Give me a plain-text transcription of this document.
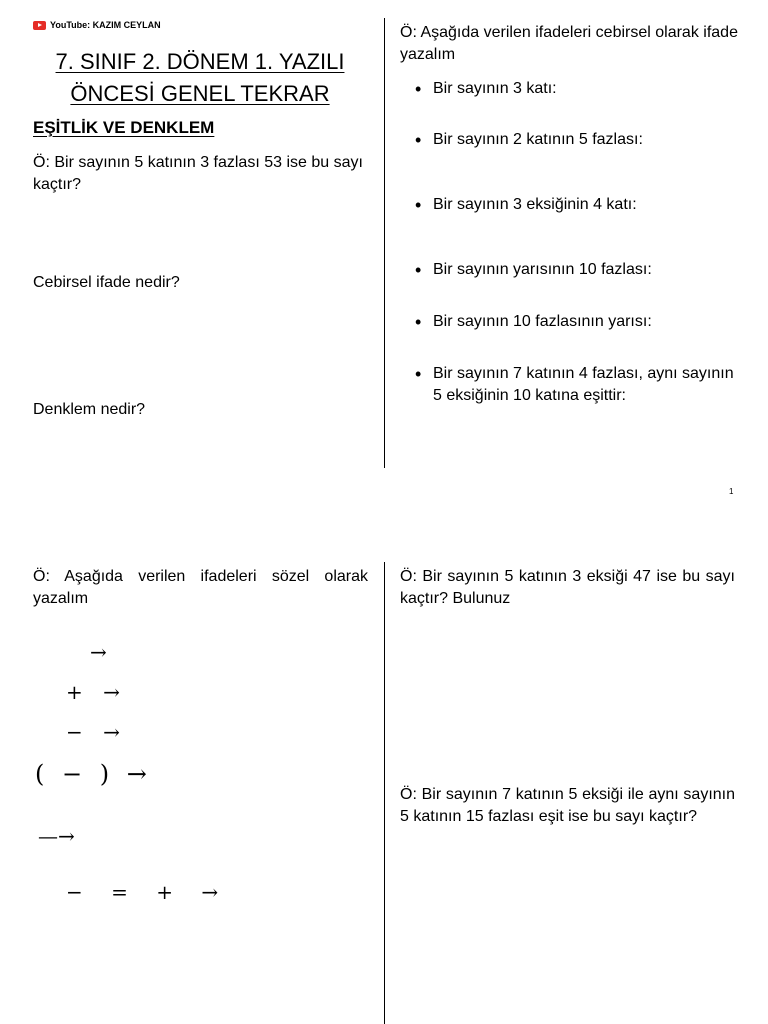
YouTube: KAZIM CEYLAN
7. SINIF 2. DÖNEM 1. YAZILI
ÖNCESİ GENEL TEKRAR
EŞİTLİK VE DENKLEM
Ö: Bir sayının 5 katının 3 fazlası 53 ise bu sayı kaçtır?
Cebirsel ifade nedir?
Denklem nedir?
Ö: Aşağıda verilen ifadeleri cebirsel olarak ifade yazalım
• Bir sayının 3 katı:
• Bir sayının 2 katının 5 fazlası:
• Bir sayının 3 eksiğinin 4 katı:
• Bir sayının yarısının 10 fazlası:
• Bir sayının 10 fazlasının yarısı:
• Bir sayının 7 katının 4 fazlası, aynı sayının 5 eksiğinin 10 katına eşittir:
1
Ö: Aşağıda verilen ifadeleri sözel olarak yazalım
→
+ →
− →
( − ) →
—→
− = + →
Ö: Bir sayının 5 katının 3 eksiği 47 ise bu sayı kaçtır? Bulunuz
Ö: Bir sayının 7 katının 5 eksiği ile aynı sayının 5 katının 15 fazlası eşit ise bu sayı kaçtır?
